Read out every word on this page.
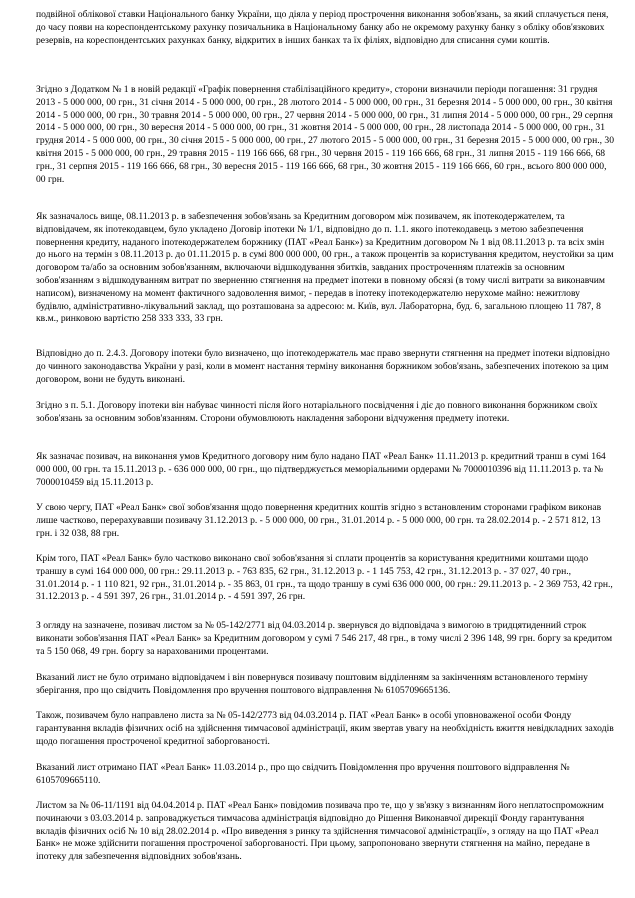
подвійної облікової ставки Національного банку України, що діяла у період прострочення виконання зобов'язань, за який сплачується пеня, до часу появи на кореспондентському рахунку позичальника в Національному банку або не окремому рахунку банку з обліку обов'язкових резервів, на кореспондентських рахунках банку, відкритих в інших банках та їх філіях, відповідно для списання суми коштів.

Згідно з Додатком № 1 в новій редакції «Графік повернення стабілізаційного кредиту», сторони визначили періоди погашення: 31 грудня 2013 - 5 000 000, 00 грн., 31 січня 2014 - 5 000 000, 00 грн., 28 лютого 2014 - 5 000 000, 00 грн., 31 березня 2014 - 5 000 000, 00 грн., 30 квітня 2014 - 5 000 000, 00 грн., 30 травня 2014 - 5 000 000, 00 грн., 27 червня 2014 - 5 000 000, 00 грн., 31 липня 2014 - 5 000 000, 00 грн., 29 серпня 2014 - 5 000 000, 00 грн., 30 вересня 2014 - 5 000 000, 00 грн., 31 жовтня 2014 - 5 000 000, 00 грн., 28 листопада 2014 - 5 000 000, 00 грн., 31 грудня 2014 - 5 000 000, 00 грн., 30 січня 2015 - 5 000 000, 00 грн., 27 лютого 2015 - 5 000 000, 00 грн., 31 березня 2015 - 5 000 000, 00 грн., 30 квітня 2015 - 5 000 000, 00 грн., 29 травня 2015 - 119 166 666, 68 грн., 30 червня 2015 - 119 166 666, 68 грн., 31 липня 2015 - 119 166 666, 68 грн., 31 серпня 2015 - 119 166 666, 68 грн., 30 вересня 2015 - 119 166 666, 68 грн., 30 жовтня 2015 - 119 166 666, 60 грн., всього 800 000 000, 00 грн.

Як зазначалось вище, 08.11.2013 р. в забезпечення зобов'язань за Кредитним договором між позивачем, як іпотекодержателем, та відповідачем, як іпотекодавцем, було укладено Договір іпотеки № 1/1, відповідно до п. 1.1. якого іпотекодавець з метою забезпечення повернення кредиту, наданого іпотекодержателем боржнику (ПАТ «Реал Банк») за Кредитним договором № 1 від 08.11.2013 р. та всіх змін до нього на термін з 08.11.2013 р. до 01.11.2015 р. в сумі 800 000 000, 00 грн., а також процентів за користування кредитом, неустойки за цим договором та/або за основним зобов'язанням, включаючи відшкодування збитків, завданих простроченням платежів за основним зобов'язанням з відшкодуванням витрат по зверненню стягнення на предмет іпотеки в повному обсязі (в тому числі витрати за виконавчим написом), визначеному на момент фактичного задоволення вимог, - передав в іпотеку іпотекодержателю нерухоме майно: нежитлову будівлю, адміністративно-лікувальний заклад, що розташована за адресою: м. Київ, вул. Лабораторна, буд. 6, загальною площею 11 787, 8 кв.м., ринковою вартістю 258 333 333, 33 грн.

Відповідно до п. 2.4.3. Договору іпотеки було визначено, що іпотекодержатель має право звернути стягнення на предмет іпотеки відповідно до чинного законодавства України у разі, коли в момент настання терміну виконання боржником зобов'язань, забезпечених іпотекою за цим договором, вони не будуть виконані.

Згідно з п. 5.1. Договору іпотеки він набуває чинності після його нотаріального посвідчення і діє до повного виконання боржником своїх зобов'язань за основним зобов'язанням. Сторони обумовлюють накладення заборони відчуження предмету іпотеки.

Як зазначає позивач, на виконання умов Кредитного договору ним було надано ПАТ «Реал Банк» 11.11.2013 р. кредитний транш в сумі 164 000 000, 00 грн. та 15.11.2013 р. - 636 000 000, 00 грн., що підтверджується меморіальними ордерами № 7000010396 від 11.11.2013 р. та № 7000010459 від 15.11.2013 р.

У свою чергу, ПАТ «Реал Банк» свої зобов'язання щодо повернення кредитних коштів згідно з встановленим сторонами графіком виконав лише частково, перерахувавши позивачу 31.12.2013 р. - 5 000 000, 00 грн., 31.01.2014 р. - 5 000 000, 00 грн. та 28.02.2014 р. - 2 571 812, 13 грн. і 32 038, 88 грн.

Крім того, ПАТ «Реал Банк» було частково виконано свої зобов'язання зі сплати процентів за користування кредитними коштами щодо траншу в сумі 164 000 000, 00 грн.: 29.11.2013 р. - 763 835, 62 грн., 31.12.2013 р. - 1 145 753, 42 грн., 31.12.2013 р. - 37 027, 40 грн., 31.01.2014 р. - 1 110 821, 92 грн., 31.01.2014 р. - 35 863, 01 грн., та щодо траншу в сумі 636 000 000, 00 грн.: 29.11.2013 р. - 2 369 753, 42 грн., 31.12.2013 р. - 4 591 397, 26 грн., 31.01.2014 р. - 4 591 397, 26 грн.

З огляду на зазначене, позивач листом за № 05-142/2771 від 04.03.2014 р. звернувся до відповідача з вимогою в тридцятиденний строк виконати зобов'язання ПАТ «Реал Банк» за Кредитним договором у сумі 7 546 217, 48 грн., в тому числі 2 396 148, 99 грн. боргу за кредитом та 5 150 068, 49 грн. боргу за нарахованими процентами.

Вказаний лист не було отримано відповідачем і він повернувся позивачу поштовим відділенням за закінченням встановленого терміну зберігання, про що свідчить Повідомлення про вручення поштового відправлення № 6105709665136.

Також, позивачем було направлено листа за № 05-142/2773 від 04.03.2014 р. ПАТ «Реал Банк» в особі уповноваженої особи Фонду гарантування вкладів фізичних осіб на здійснення тимчасової адміністрації, яким звертав увагу на необхідність вжиття невідкладних заходів щодо погашення простроченої кредитної заборгованості.

Вказаний лист отримано ПАТ «Реал Банк» 11.03.2014 р., про що свідчить Повідомлення про вручення поштового відправлення № 6105709665110.

Листом за № 06-11/1191 від 04.04.2014 р. ПАТ «Реал Банк» повідомив позивача про те, що у зв'язку з визнанням його неплатоспроможним починаючи з 03.03.2014 р. запроваджується тимчасова адміністрація відповідно до Рішення Виконавчої дирекції Фонду гарантування вкладів фізичних осіб № 10 від 28.02.2014 р. «Про виведення з ринку та здійснення тимчасової адміністрації», з огляду на що ПАТ «Реал Банк» не може здійснити погашення простроченої заборгованості. При цьому, запропоновано звернути стягнення на майно, передане в іпотеку для забезпечення відповідних зобов'язань.
